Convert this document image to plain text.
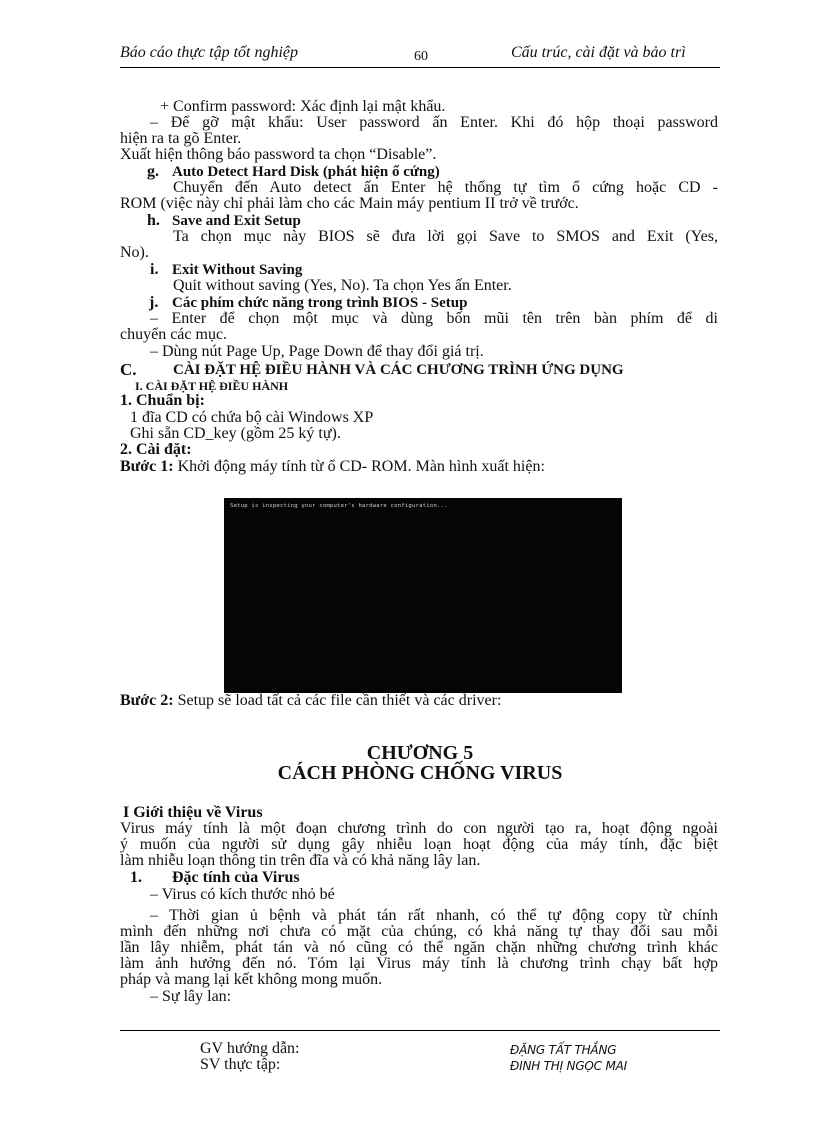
Báo cáo thực tập tốt nghiệp	60	Cấu trúc, cài đặt và bảo trì
+ Confirm password: Xác định lại mật khẩu.
– Để gỡ mật khẩu: User password ấn Enter. Khi đó hộp thoại password
hiện ra ta gõ Enter.
Xuất hiện thông báo password ta chọn “Disable”.
g. Auto Detect Hard Disk (phát hiện ổ cứng)
Chuyển đến Auto detect ấn Enter hệ thống tự tìm ổ cứng hoặc CD -
ROM (việc này chỉ phải làm cho các Main máy pentium II trở về trước.
h. Save and Exit Setup
Ta chọn mục này BIOS sẽ đưa lời gọi Save to SMOS and Exit (Yes,
No).
i. Exit Without Saving
Quit without saving (Yes, No). Ta chọn Yes ấn Enter.
j. Các phím chức năng trong trình BIOS - Setup
– Enter để chọn một mục và dùng bốn mũi tên trên bàn phím để di
chuyển các mục.
– Dùng nút Page Up, Page Down để thay đổi giá trị.
C. CÀI ĐẶT HỆ ĐIỀU HÀNH VÀ CÁC CHƯƠNG TRÌNH ỨNG DỤNG
I. CÀI ĐẶT HỆ ĐIỀU HÀNH
1. Chuẩn bị:
1 đĩa CD có chứa bộ cài Windows XP
Ghi sẵn CD_key (gồm 25 ký tự).
2. Cài đặt:
Bước 1: Khởi động máy tính từ ổ CD- ROM. Màn hình xuất hiện:
Setup is inspecting your computer's hardware configuration...
Bước 2: Setup sẽ load tất cả các file cần thiết và các driver:
CHƯƠNG 5
CÁCH PHÒNG CHỐNG VIRUS
I Giới thiệu về Virus
Virus máy tính là một đoạn chương trình do con người tạo ra, hoạt động ngoài
ý muốn của người sử dụng gây nhiễu loạn hoạt động của máy tính, đặc biệt
làm nhiễu loạn thông tin trên đĩa và có khả năng lây lan.
1. Đặc tính của Virus
– Virus có kích thước nhỏ bé
– Thời gian ủ bệnh và phát tán rất nhanh, có thể tự động copy từ chính
mình đến những nơi chưa có mặt của chúng, có khả năng tự thay đổi sau mỗi
lần lây nhiễm, phát tán và nó cũng có thể ngăn chặn những chương trình khác
làm ảnh hưởng đến nó. Tóm lại Virus máy tính là chương trình chạy bất hợp
pháp và mang lại kết không mong muốn.
– Sự lây lan:
GV hướng dẫn:
SV thực tập:
ĐẶNG TẤT THẮNG
ĐINH THỊ NGỌC MAI
